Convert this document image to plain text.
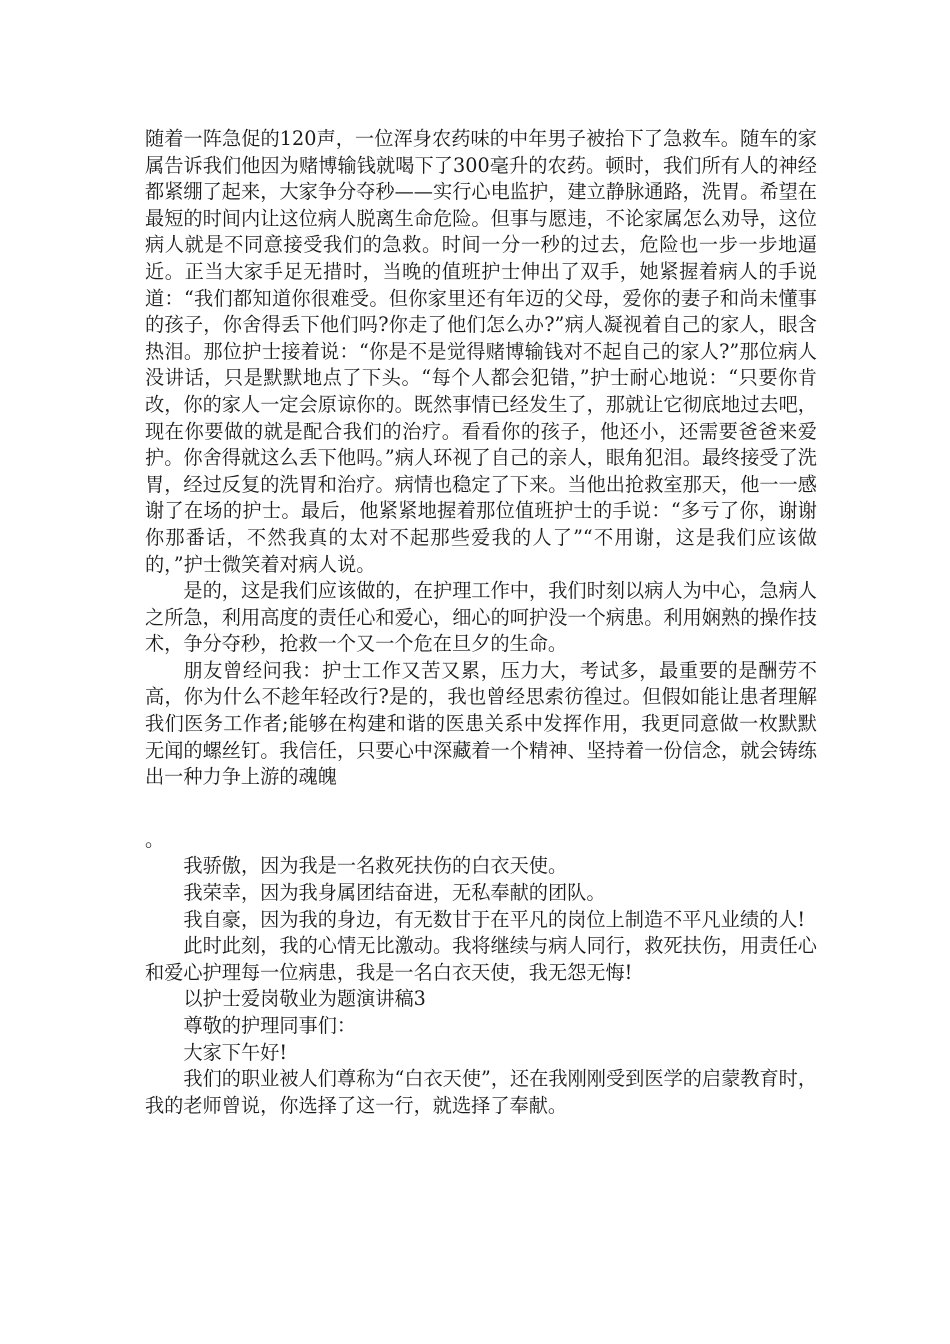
随着一阵急促的120声，一位浑身农药味的中年男子被抬下了急救车。随车的家属告诉我们他因为赌博输钱就喝下了300毫升的农药。顿时，我们所有人的神经都紧绷了起来，大家争分夺秒——实行心电监护，建立静脉通路，洗胃。希望在最短的时间内让这位病人脱离生命危险。但事与愿违，不论家属怎么劝导，这位病人就是不同意接受我们的急救。时间一分一秒的过去，危险也一步一步地逼近。正当大家手足无措时，当晚的值班护士伸出了双手，她紧握着病人的手说道：“我们都知道你很难受。但你家里还有年迈的父母，爱你的妻子和尚未懂事的孩子，你舍得丢下他们吗?你走了他们怎么办?”病人凝视着自己的家人，眼含热泪。那位护士接着说：“你是不是觉得赌博输钱对不起自己的家人?”那位病人没讲话，只是默默地点了下头。“每个人都会犯错，”护士耐心地说：“只要你肯改，你的家人一定会原谅你的。既然事情已经发生了，那就让它彻底地过去吧，现在你要做的就是配合我们的治疗。看看你的孩子，他还小，还需要爸爸来爱护。你舍得就这么丢下他吗。”病人环视了自己的亲人，眼角犯泪。最终接受了洗胃，经过反复的洗胃和治疗。病情也稳定了下来。当他出抢救室那天，他一一感谢了在场的护士。最后，他紧紧地握着那位值班护士的手说：“多亏了你，谢谢你那番话，不然我真的太对不起那些爱我的人了”“不用谢，这是我们应该做的，”护士微笑着对病人说。

是的，这是我们应该做的，在护理工作中，我们时刻以病人为中心，急病人之所急，利用高度的责任心和爱心，细心的呵护没一个病患。利用娴熟的操作技术，争分夺秒，抢救一个又一个危在旦夕的生命。

朋友曾经问我：护士工作又苦又累，压力大，考试多，最重要的是酬劳不高，你为什么不趁年轻改行?是的，我也曾经思索彷徨过。但假如能让患者理解我们医务工作者;能够在构建和谐的医患关系中发挥作用，我更同意做一枚默默无闻的螺丝钉。我信任，只要心中深藏着一个精神、坚持着一份信念，就会铸练出一种力争上游的魂魄

。

我骄傲，因为我是一名救死扶伤的白衣天使。

我荣幸，因为我身属团结奋进，无私奉献的团队。

我自豪，因为我的身边，有无数甘于在平凡的岗位上制造不平凡业绩的人!

此时此刻，我的心情无比激动。我将继续与病人同行，救死扶伤，用责任心和爱心护理每一位病患，我是一名白衣天使，我无怨无悔!

以护士爱岗敬业为题演讲稿3

尊敬的护理同事们：

大家下午好!

我们的职业被人们尊称为“白衣天使”，还在我刚刚受到医学的启蒙教育时，我的老师曾说，你选择了这一行，就选择了奉献。
